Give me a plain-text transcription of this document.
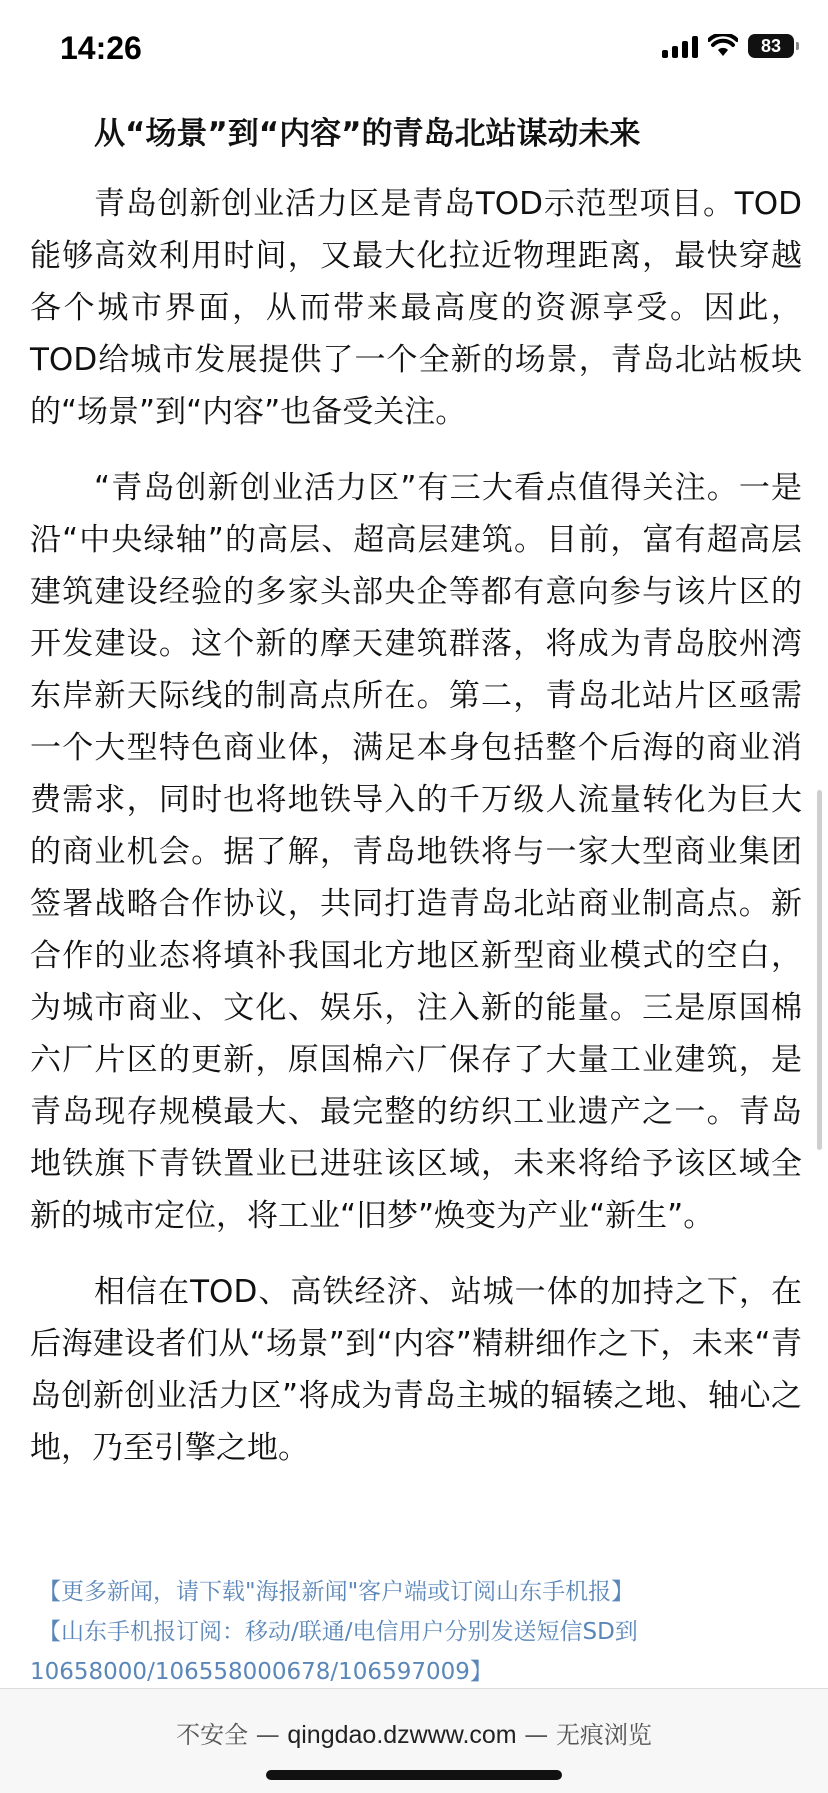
14:26	83
从“场景”到“内容”的青岛北站谋动未来

青岛创新创业活力区是青岛TOD示范型项目。TOD能够高效利用时间，又最大化拉近物理距离，最快穿越各个城市界面，从而带来最高度的资源享受。因此，TOD给城市发展提供了一个全新的场景，青岛北站板块的“场景”到“内容”也备受关注。

“青岛创新创业活力区”有三大看点值得关注。一是沿“中央绿轴”的高层、超高层建筑。目前，富有超高层建筑建设经验的多家头部央企等都有意向参与该片区的开发建设。这个新的摩天建筑群落，将成为青岛胶州湾东岸新天际线的制高点所在。第二，青岛北站片区亟需一个大型特色商业体，满足本身包括整个后海的商业消费需求，同时也将地铁导入的千万级人流量转化为巨大的商业机会。据了解，青岛地铁将与一家大型商业集团签署战略合作协议，共同打造青岛北站商业制高点。新合作的业态将填补我国北方地区新型商业模式的空白，为城市商业、文化、娱乐，注入新的能量。三是原国棉六厂片区的更新，原国棉六厂保存了大量工业建筑，是青岛现存规模最大、最完整的纺织工业遗产之一。青岛地铁旗下青铁置业已进驻该区域，未来将给予该区域全新的城市定位，将工业“旧梦”焕变为产业“新生”。

相信在TOD、高铁经济、站城一体的加持之下，在后海建设者们从“场景”到“内容”精耕细作之下，未来“青岛创新创业活力区”将成为青岛主城的辐辏之地、轴心之地，乃至引擎之地。

【更多新闻，请下载"海报新闻"客户端或订阅山东手机报】
【山东手机报订阅：移动/联通/电信用户分别发送短信SD到
10658000/106558000678/106597009】
不安全 — qingdao.dzwww.com — 无痕浏览
